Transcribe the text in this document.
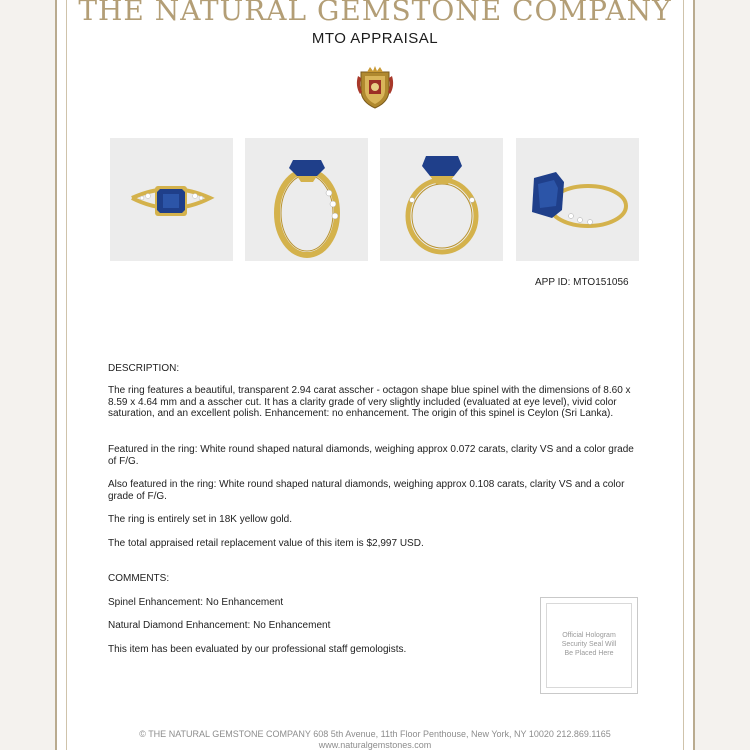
THE NATURAL GEMSTONE COMPANY
MTO APPRAISAL
APP ID: MTO151056
DESCRIPTION:
The ring features a beautiful, transparent 2.94 carat asscher - octagon shape blue spinel with the dimensions of 8.60 x 8.59 x 4.64 mm and a asscher cut. It has a clarity grade of very slightly included (evaluated at eye level), vivid color saturation, and an excellent polish. Enhancement: no enhancement. The origin of this spinel is Ceylon (Sri Lanka).
Featured in the ring: White round shaped natural diamonds, weighing approx 0.072 carats, clarity VS and a color grade of F/G.
Also featured in the ring: White round shaped natural diamonds, weighing approx 0.108 carats, clarity VS and a color grade of F/G.
The ring is entirely set in 18K yellow gold.
The total appraised retail replacement value of this item is $2,997 USD.
COMMENTS:
Spinel Enhancement: No Enhancement
Natural Diamond Enhancement: No Enhancement
This item has been evaluated by our professional staff gemologists.
Official Hologram
Security Seal Will
Be Placed Here
© THE NATURAL GEMSTONE COMPANY 608 5th Avenue, 11th Floor Penthouse, New York, NY 10020 212.869.1165
www.naturalgemstones.com
